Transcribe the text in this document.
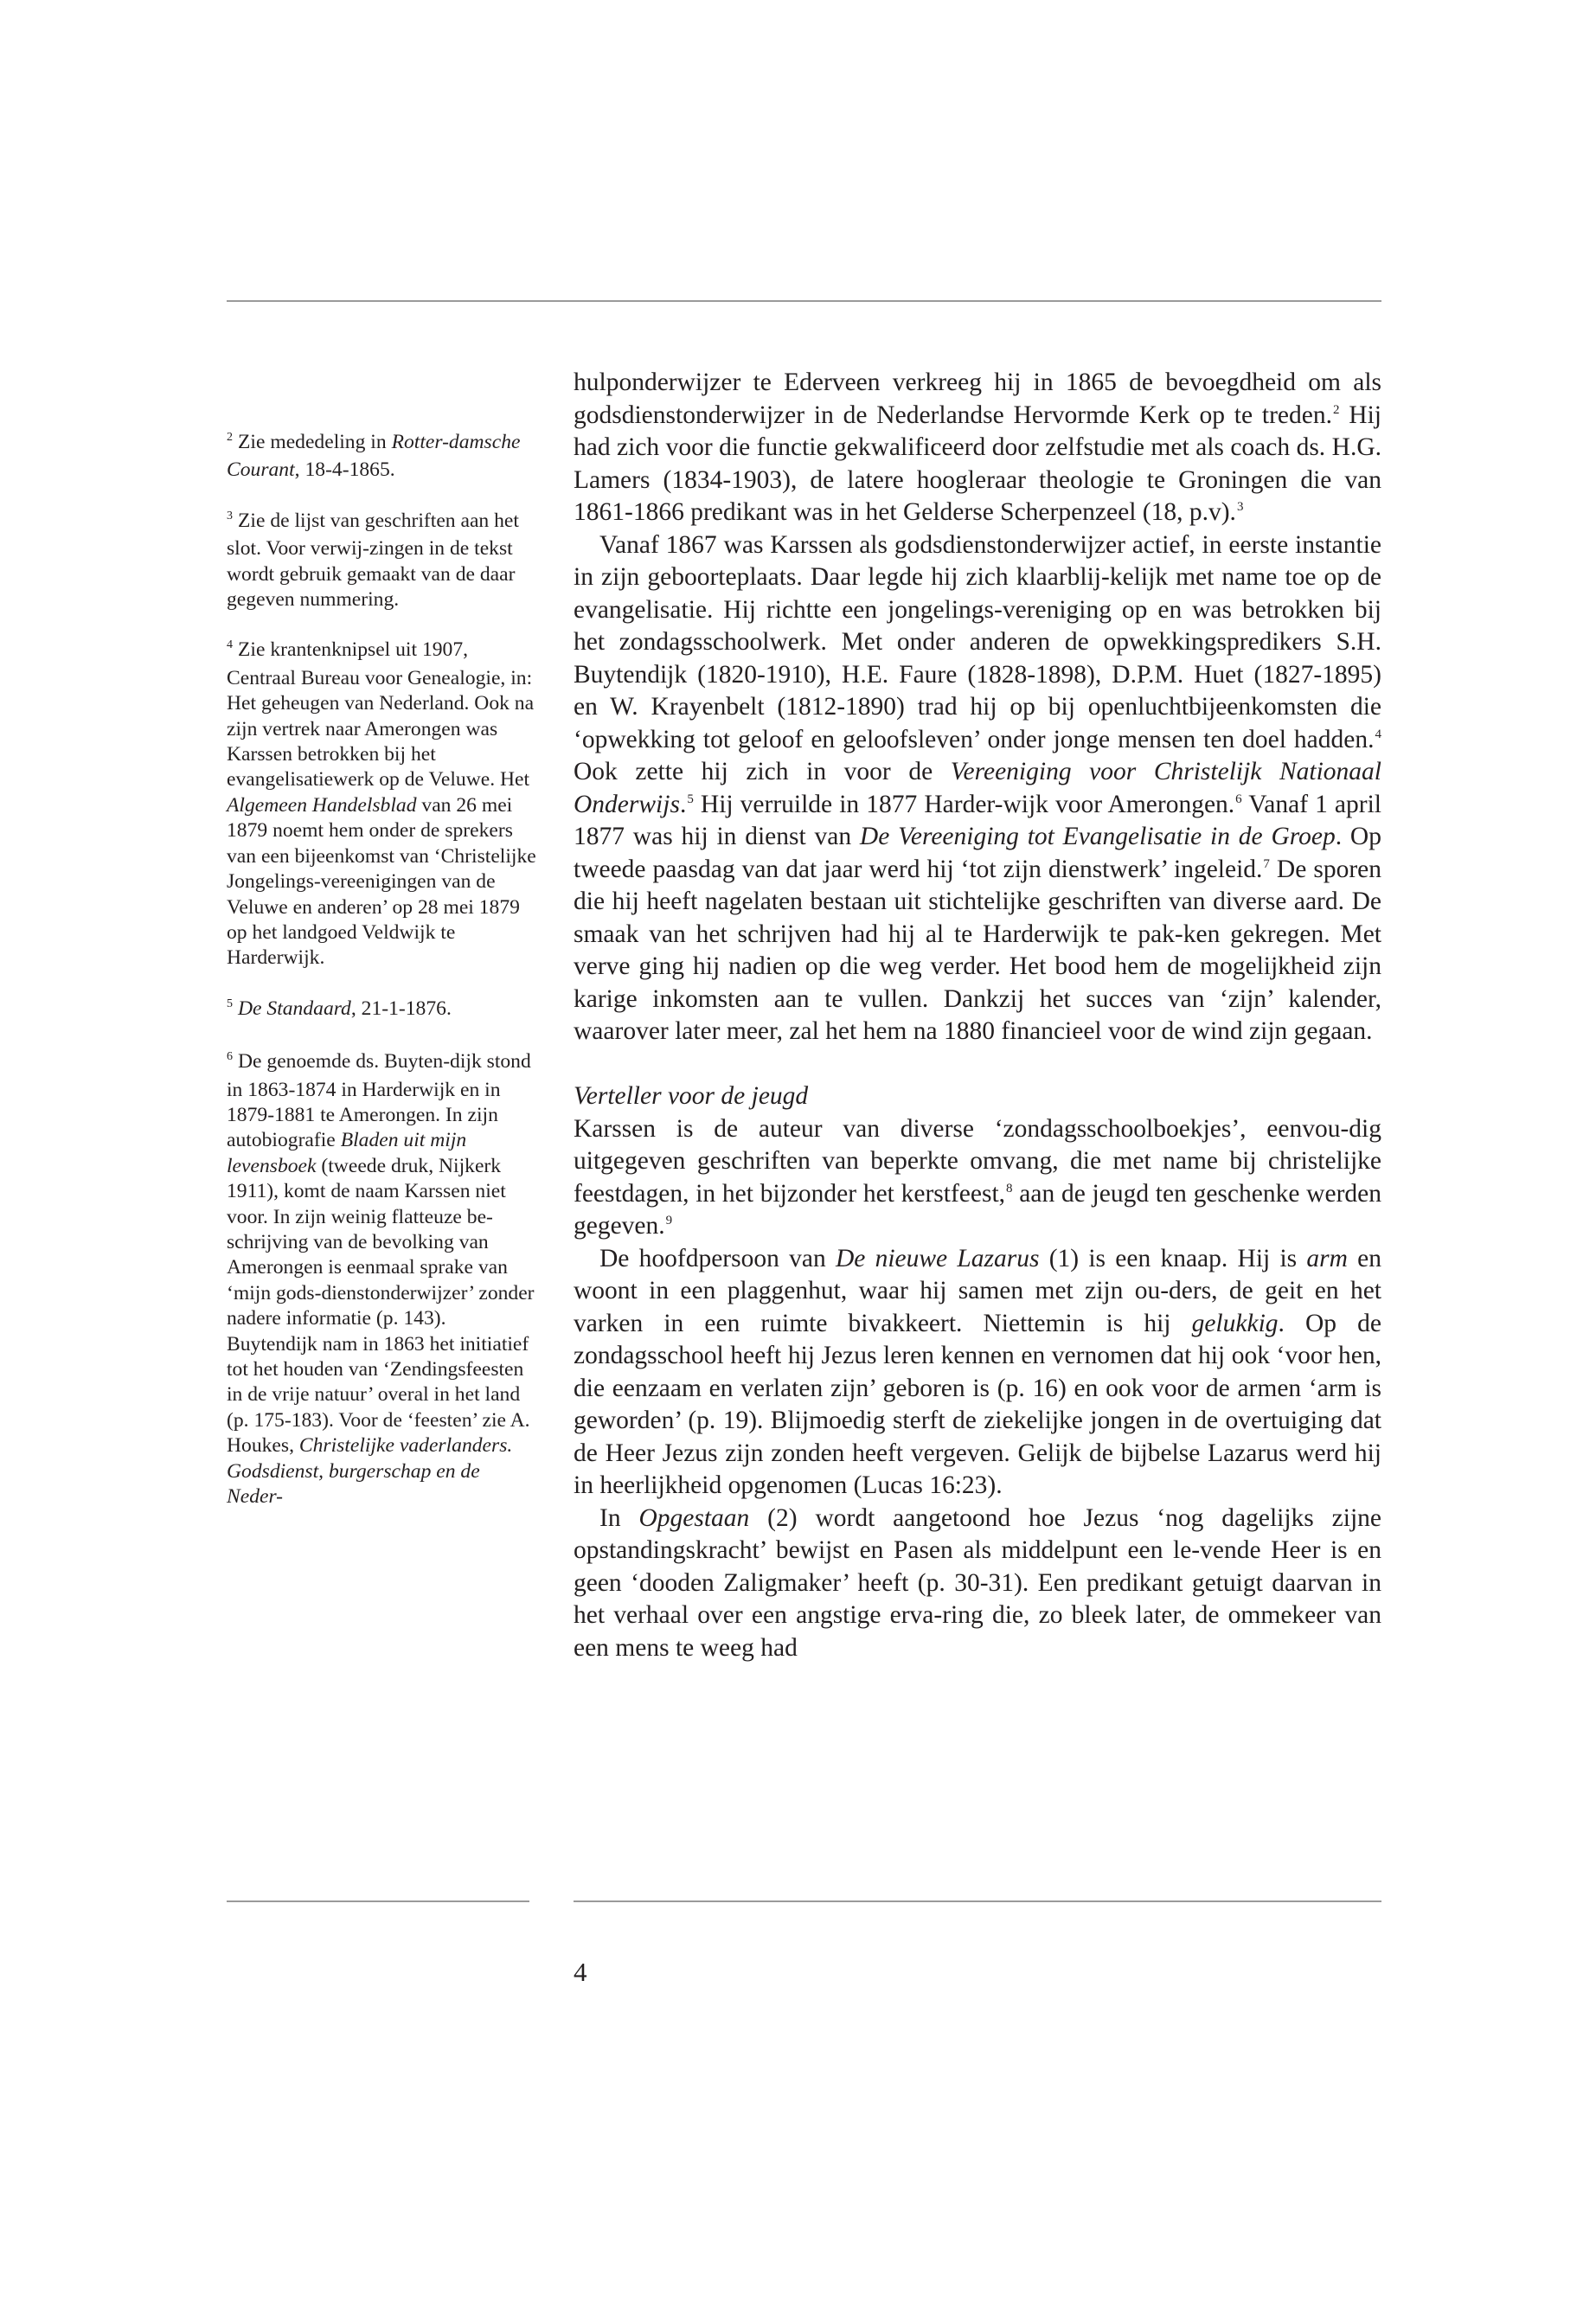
$^2$ Zie mededeling in Rotter-damsche Courant, 18-4-1865.
$^3$ Zie de lijst van geschriften aan het slot. Voor verwij-zingen in de tekst wordt gebruik gemaakt van de daar gegeven nummering.
$^4$ Zie krantenknipsel uit 1907, Centraal Bureau voor Genealogie, in: Het geheugen van Nederland. Ook na zijn vertrek naar Amerongen was Karssen betrokken bij het evangelisatiewerk op de Veluwe. Het Algemeen Handelsblad van 26 mei 1879 noemt hem onder de sprekers van een bijeenkomst van ‘Christelijke Jongelings-vereenigingen van de Veluwe en anderen’ op 28 mei 1879 op het landgoed Veldwijk te Harderwijk.
$^5$ De Standaard, 21-1-1876.
$^6$ De genoemde ds. Buyten-dijk stond in 1863-1874 in Harderwijk en in 1879-1881 te Amerongen. In zijn autobiografie Bladen uit mijn levensboek (tweede druk, Nijkerk 1911), komt de naam Karssen niet voor. In zijn weinig flatteuze be-schrijving van de bevolking van Amerongen is eenmaal sprake van ‘mijn gods-dienstonderwijzer’ zonder nadere informatie (p. 143). Buytendijk nam in 1863 het initiatief tot het houden van ‘Zendingsfeesten in de vrije natuur’ overal in het land (p. 175-183). Voor de ‘feesten’ zie A. Houkes, Christelijke vaderlanders. Godsdienst, burgerschap en de Neder-

hulponderwijzer te Ederveen verkreeg hij in 1865 de bevoegdheid om als godsdienstonderwijzer in de Nederlandse Hervormde Kerk op te treden.$^2$ Hij had zich voor die functie gekwalificeerd door zelfstudie met als coach ds. H.G. Lamers (1834-1903), de latere hoogleraar theologie te Groningen die van 1861-1866 predikant was in het Gelderse Scherpenzeel (18, p.v).$^3$

Vanaf 1867 was Karssen als godsdienstonderwijzer actief, in eerste instantie in zijn geboorteplaats. Daar legde hij zich klaarblij-kelijk met name toe op de evangelisatie. Hij richtte een jongelings-vereniging op en was betrokken bij het zondagsschoolwerk. Met onder anderen de opwekkingspredikers S.H. Buytendijk (1820-1910), H.E. Faure (1828-1898), D.P.M. Huet (1827-1895) en W. Krayenbelt (1812-1890) trad hij op bij openluchtbijeenkomsten die ‘opwekking tot geloof en geloofsleven’ onder jonge mensen ten doel hadden.$^4$ Ook zette hij zich in voor de Vereeniging voor Christelijk Nationaal Onderwijs.$^5$ Hij verruilde in 1877 Harder-wijk voor Amerongen.$^6$ Vanaf 1 april 1877 was hij in dienst van De Vereeniging tot Evangelisatie in de Groep. Op tweede paasdag van dat jaar werd hij ‘tot zijn dienstwerk’ ingeleid.$^7$ De sporen die hij heeft nagelaten bestaan uit stichtelijke geschriften van diverse aard. De smaak van het schrijven had hij al te Harderwijk te pak-ken gekregen. Met verve ging hij nadien op die weg verder. Het bood hem de mogelijkheid zijn karige inkomsten aan te vullen. Dankzij het succes van ‘zijn’ kalender, waarover later meer, zal het hem na 1880 financieel voor de wind zijn gegaan.

Verteller voor de jeugd

Karssen is de auteur van diverse ‘zondagsschoolboekjes’, eenvou-dig uitgegeven geschriften van beperkte omvang, die met name bij christelijke feestdagen, in het bijzonder het kerstfeest,$^8$ aan de jeugd ten geschenke werden gegeven.$^9$

De hoofdpersoon van De nieuwe Lazarus (1) is een knaap. Hij is arm en woont in een plaggenhut, waar hij samen met zijn ou-ders, de geit en het varken in een ruimte bivakkeert. Niettemin is hij gelukkig. Op de zondagsschool heeft hij Jezus leren kennen en vernomen dat hij ook ‘voor hen, die eenzaam en verlaten zijn’ geboren is (p. 16) en ook voor de armen ‘arm is geworden’ (p. 19). Blijmoedig sterft de ziekelijke jongen in de overtuiging dat de Heer Jezus zijn zonden heeft vergeven. Gelijk de bijbelse Lazarus werd hij in heerlijkheid opgenomen (Lucas 16:23).

In Opgestaan (2) wordt aangetoond hoe Jezus ‘nog dagelijks zijne opstandingskracht’ bewijst en Pasen als middelpunt een le-vende Heer is en geen ‘dooden Zaligmaker’ heeft (p. 30-31). Een predikant getuigt daarvan in het verhaal over een angstige erva-ring die, zo bleek later, de ommekeer van een mens te weeg had

4
